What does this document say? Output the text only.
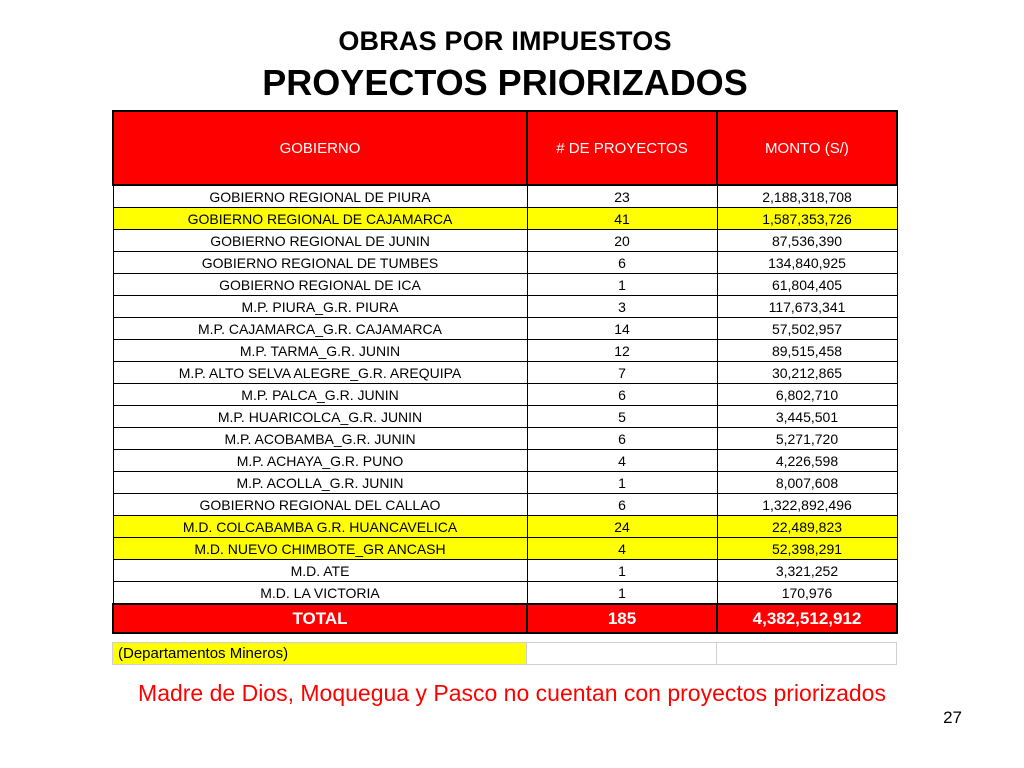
OBRAS POR IMPUESTOS
PROYECTOS PRIORIZADOS
GOBIERNO	# DE PROYECTOS	MONTO (S/)
GOBIERNO REGIONAL DE PIURA	23	2,188,318,708
GOBIERNO REGIONAL DE CAJAMARCA	41	1,587,353,726
GOBIERNO REGIONAL DE JUNIN	20	87,536,390
GOBIERNO REGIONAL DE TUMBES	6	134,840,925
GOBIERNO REGIONAL DE ICA	1	61,804,405
M.P. PIURA_G.R. PIURA	3	117,673,341
M.P. CAJAMARCA_G.R. CAJAMARCA	14	57,502,957
M.P. TARMA_G.R. JUNIN	12	89,515,458
M.P. ALTO SELVA ALEGRE_G.R. AREQUIPA	7	30,212,865
M.P. PALCA_G.R. JUNIN	6	6,802,710
M.P. HUARICOLCA_G.R. JUNIN	5	3,445,501
M.P. ACOBAMBA_G.R. JUNIN	6	5,271,720
M.P. ACHAYA_G.R. PUNO	4	4,226,598
M.P. ACOLLA_G.R. JUNIN	1	8,007,608
GOBIERNO REGIONAL DEL CALLAO	6	1,322,892,496
M.D. COLCABAMBA G.R. HUANCAVELICA	24	22,489,823
M.D. NUEVO CHIMBOTE_GR ANCASH	4	52,398,291
M.D. ATE	1	3,321,252
M.D. LA VICTORIA	1	170,976
TOTAL	185	4,382,512,912
(Departamentos Mineros)		
Madre de Dios, Moquegua y Pasco no cuentan con proyectos priorizados
27
